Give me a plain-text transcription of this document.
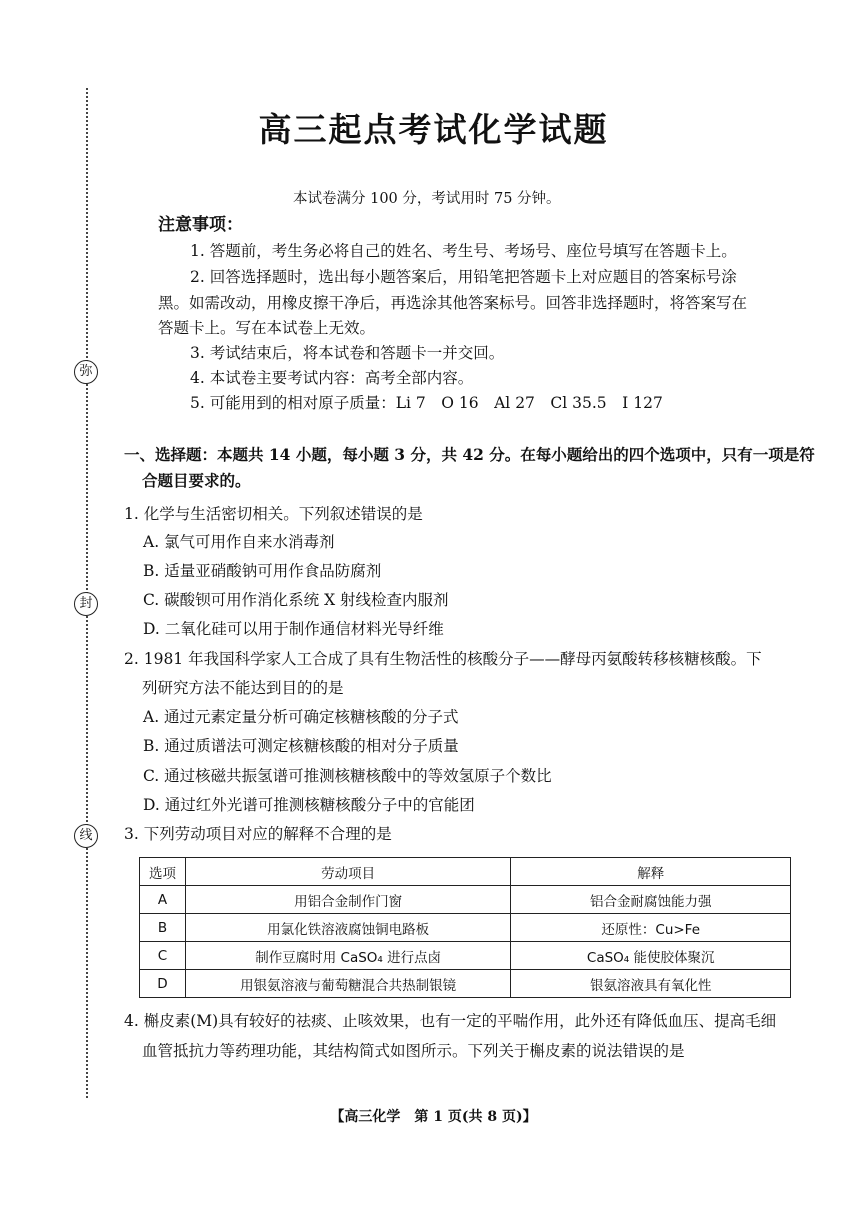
弥
封
线
高三起点考试化学试题
本试卷满分 100 分，考试用时 75 分钟。
注意事项：
1. 答题前，考生务必将自己的姓名、考生号、考场号、座位号填写在答题卡上。
2. 回答选择题时，选出每小题答案后，用铅笔把答题卡上对应题目的答案标号涂
黑。如需改动，用橡皮擦干净后，再选涂其他答案标号。回答非选择题时，将答案写在
答题卡上。写在本试卷上无效。
3. 考试结束后，将本试卷和答题卡一并交回。
4. 本试卷主要考试内容：高考全部内容。
5. 可能用到的相对原子质量：Li 7　O 16　Al 27　Cl 35.5　I 127
一、选择题：本题共 14 小题，每小题 3 分，共 42 分。在每小题给出的四个选项中，只有一项是符
合题目要求的。
1. 化学与生活密切相关。下列叙述错误的是
A. 氯气可用作自来水消毒剂
B. 适量亚硝酸钠可用作食品防腐剂
C. 碳酸钡可用作消化系统 X 射线检查内服剂
D. 二氧化硅可以用于制作通信材料光导纤维
2. 1981 年我国科学家人工合成了具有生物活性的核酸分子——酵母丙氨酸转移核糖核酸。下
列研究方法不能达到目的的是
A. 通过元素定量分析可确定核糖核酸的分子式
B. 通过质谱法可测定核糖核酸的相对分子质量
C. 通过核磁共振氢谱可推测核糖核酸中的等效氢原子个数比
D. 通过红外光谱可推测核糖核酸分子中的官能团
3. 下列劳动项目对应的解释不合理的是
选项	劳动项目	解释
A	用铝合金制作门窗	铝合金耐腐蚀能力强
B	用氯化铁溶液腐蚀铜电路板	还原性：Cu>Fe
C	制作豆腐时用 CaSO₄ 进行点卤	CaSO₄ 能使胶体聚沉
D	用银氨溶液与葡萄糖混合共热制银镜	银氨溶液具有氧化性
4. 槲皮素(M)具有较好的祛痰、止咳效果，也有一定的平喘作用，此外还有降低血压、提高毛细
血管抵抗力等药理功能，其结构简式如图所示。下列关于槲皮素的说法错误的是
【高三化学　第 1 页(共 8 页)】
